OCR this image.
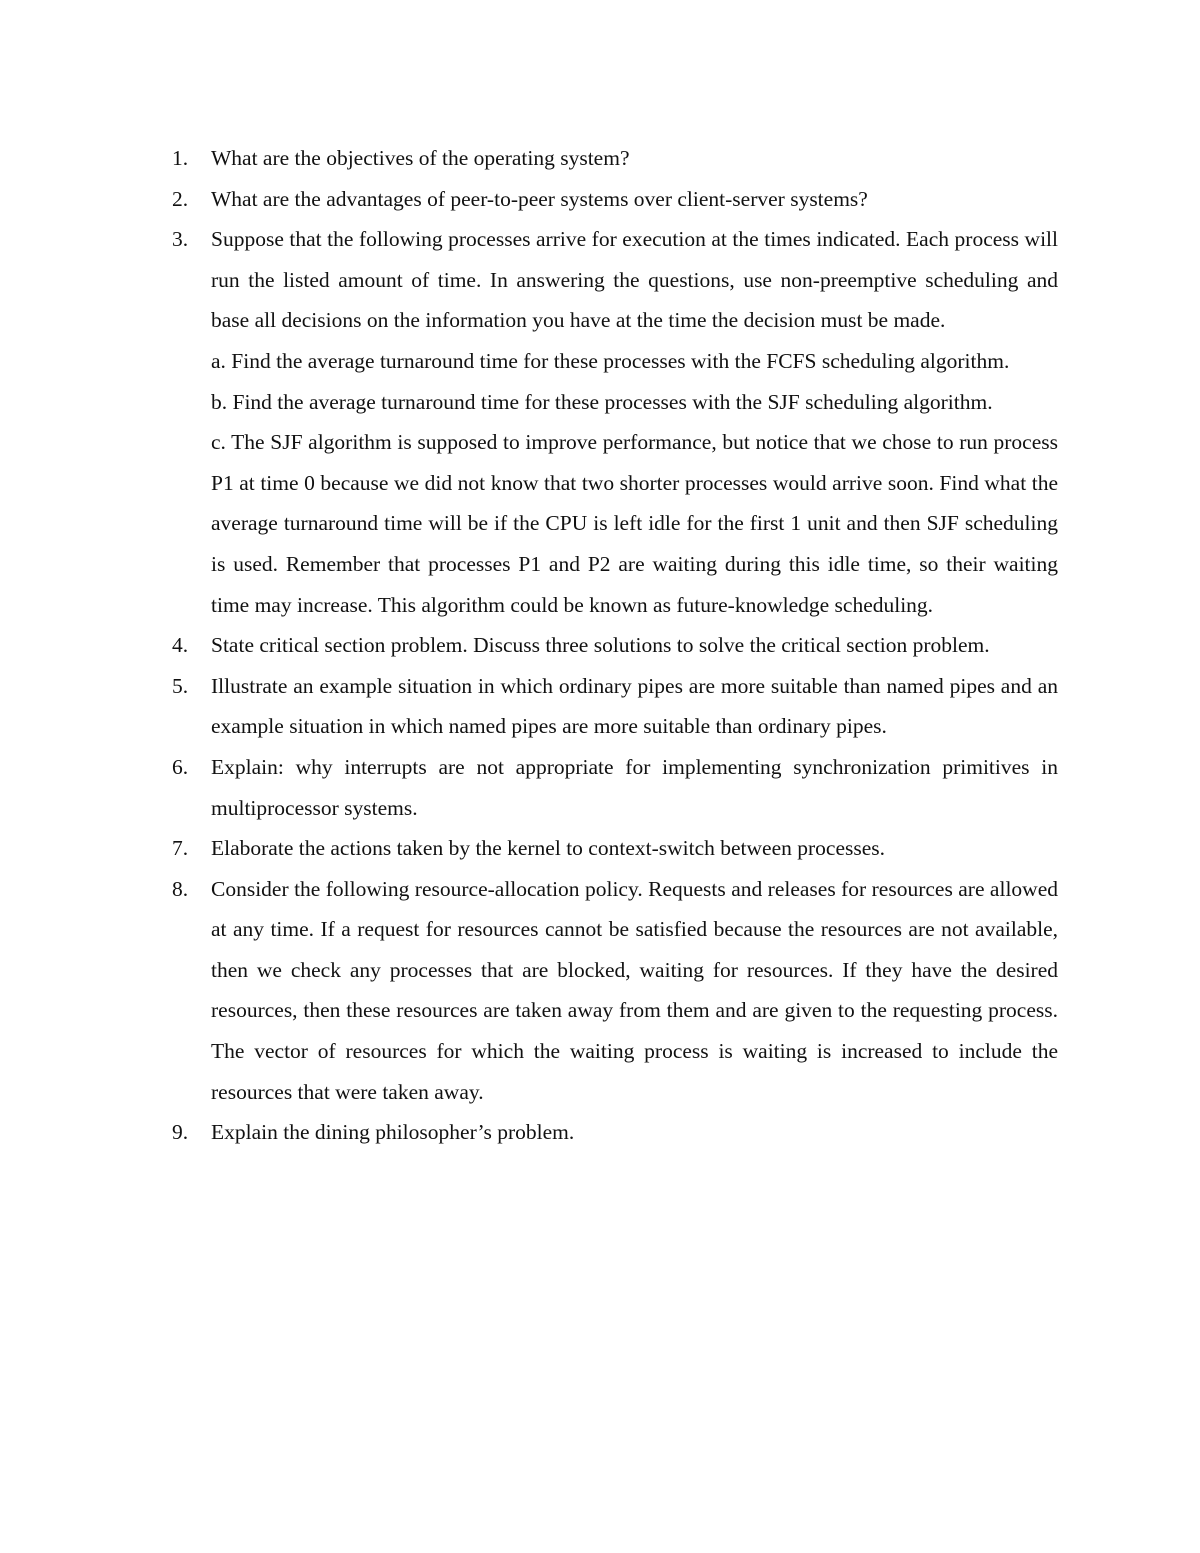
1.	What are the objectives of the operating system?
2.	What are the advantages of peer-to-peer systems over client-server systems?
3.	Suppose that the following processes arrive for execution at the times indicated. Each process will run the listed amount of time. In answering the questions, use non-preemptive scheduling and base all decisions on the information you have at the time the decision must be made.
a. Find the average turnaround time for these processes with the FCFS scheduling algorithm.
b. Find the average turnaround time for these processes with the SJF scheduling algorithm.
c. The SJF algorithm is supposed to improve performance, but notice that we chose to run process P1 at time 0 because we did not know that two shorter processes would arrive soon. Find what the average turnaround time will be if the CPU is left idle for the first 1 unit and then SJF scheduling is used. Remember that processes P1 and P2 are waiting during this idle time, so their waiting time may increase. This algorithm could be known as future-knowledge scheduling.
4.	State critical section problem. Discuss three solutions to solve the critical section problem.
5.	Illustrate an example situation in which ordinary pipes are more suitable than named pipes and an example situation in which named pipes are more suitable than ordinary pipes.
6.	Explain: why interrupts are not appropriate for implementing synchronization primitives in multiprocessor systems.
7.	Elaborate the actions taken by the kernel to context-switch between processes.
8.	Consider the following resource-allocation policy. Requests and releases for resources are allowed at any time. If a request for resources cannot be satisfied because the resources are not available, then we check any processes that are blocked, waiting for resources. If they have the desired resources, then these resources are taken away from them and are given to the requesting process. The vector of resources for which the waiting process is waiting is increased to include the resources that were taken away.
9.	Explain the dining philosopher’s problem.
